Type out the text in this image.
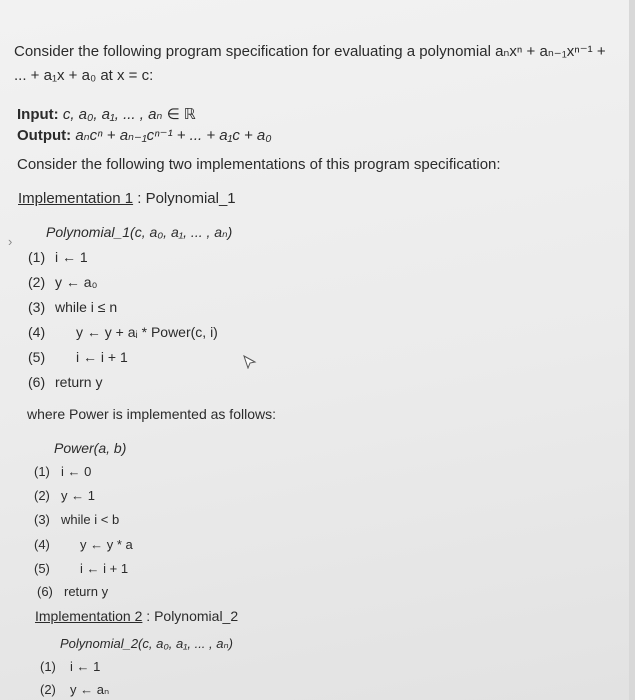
Consider the following program specification for evaluating a polynomial aₙxⁿ + aₙ₋₁xⁿ⁻¹ +
... + a₁x + a₀ at x = c:
Input: c, a₀, a₁, ... , aₙ ∈ ℝ
Output: aₙcⁿ + aₙ₋₁cⁿ⁻¹ + ... + a₁c + a₀
Consider the following two implementations of this program specification:
Implementation 1 : Polynomial_1
Polynomial_1(c, a₀, a₁, ... , aₙ)
›
(1) i ← 1
(2) y ← a₀
(3) while i ≤ n
(4) y ← y + aᵢ * Power(c, i)
(5) i ← i + 1
(6) return y
where Power is implemented as follows:
Power(a, b)
(1) i ← 0
(2) y ← 1
(3) while i < b
(4) y ← y * a
(5) i ← i + 1
(6) return y
Implementation 2 : Polynomial_2
Polynomial_2(c, a₀, a₁, ... , aₙ)
(1) i ← 1
(2) y ← aₙ
